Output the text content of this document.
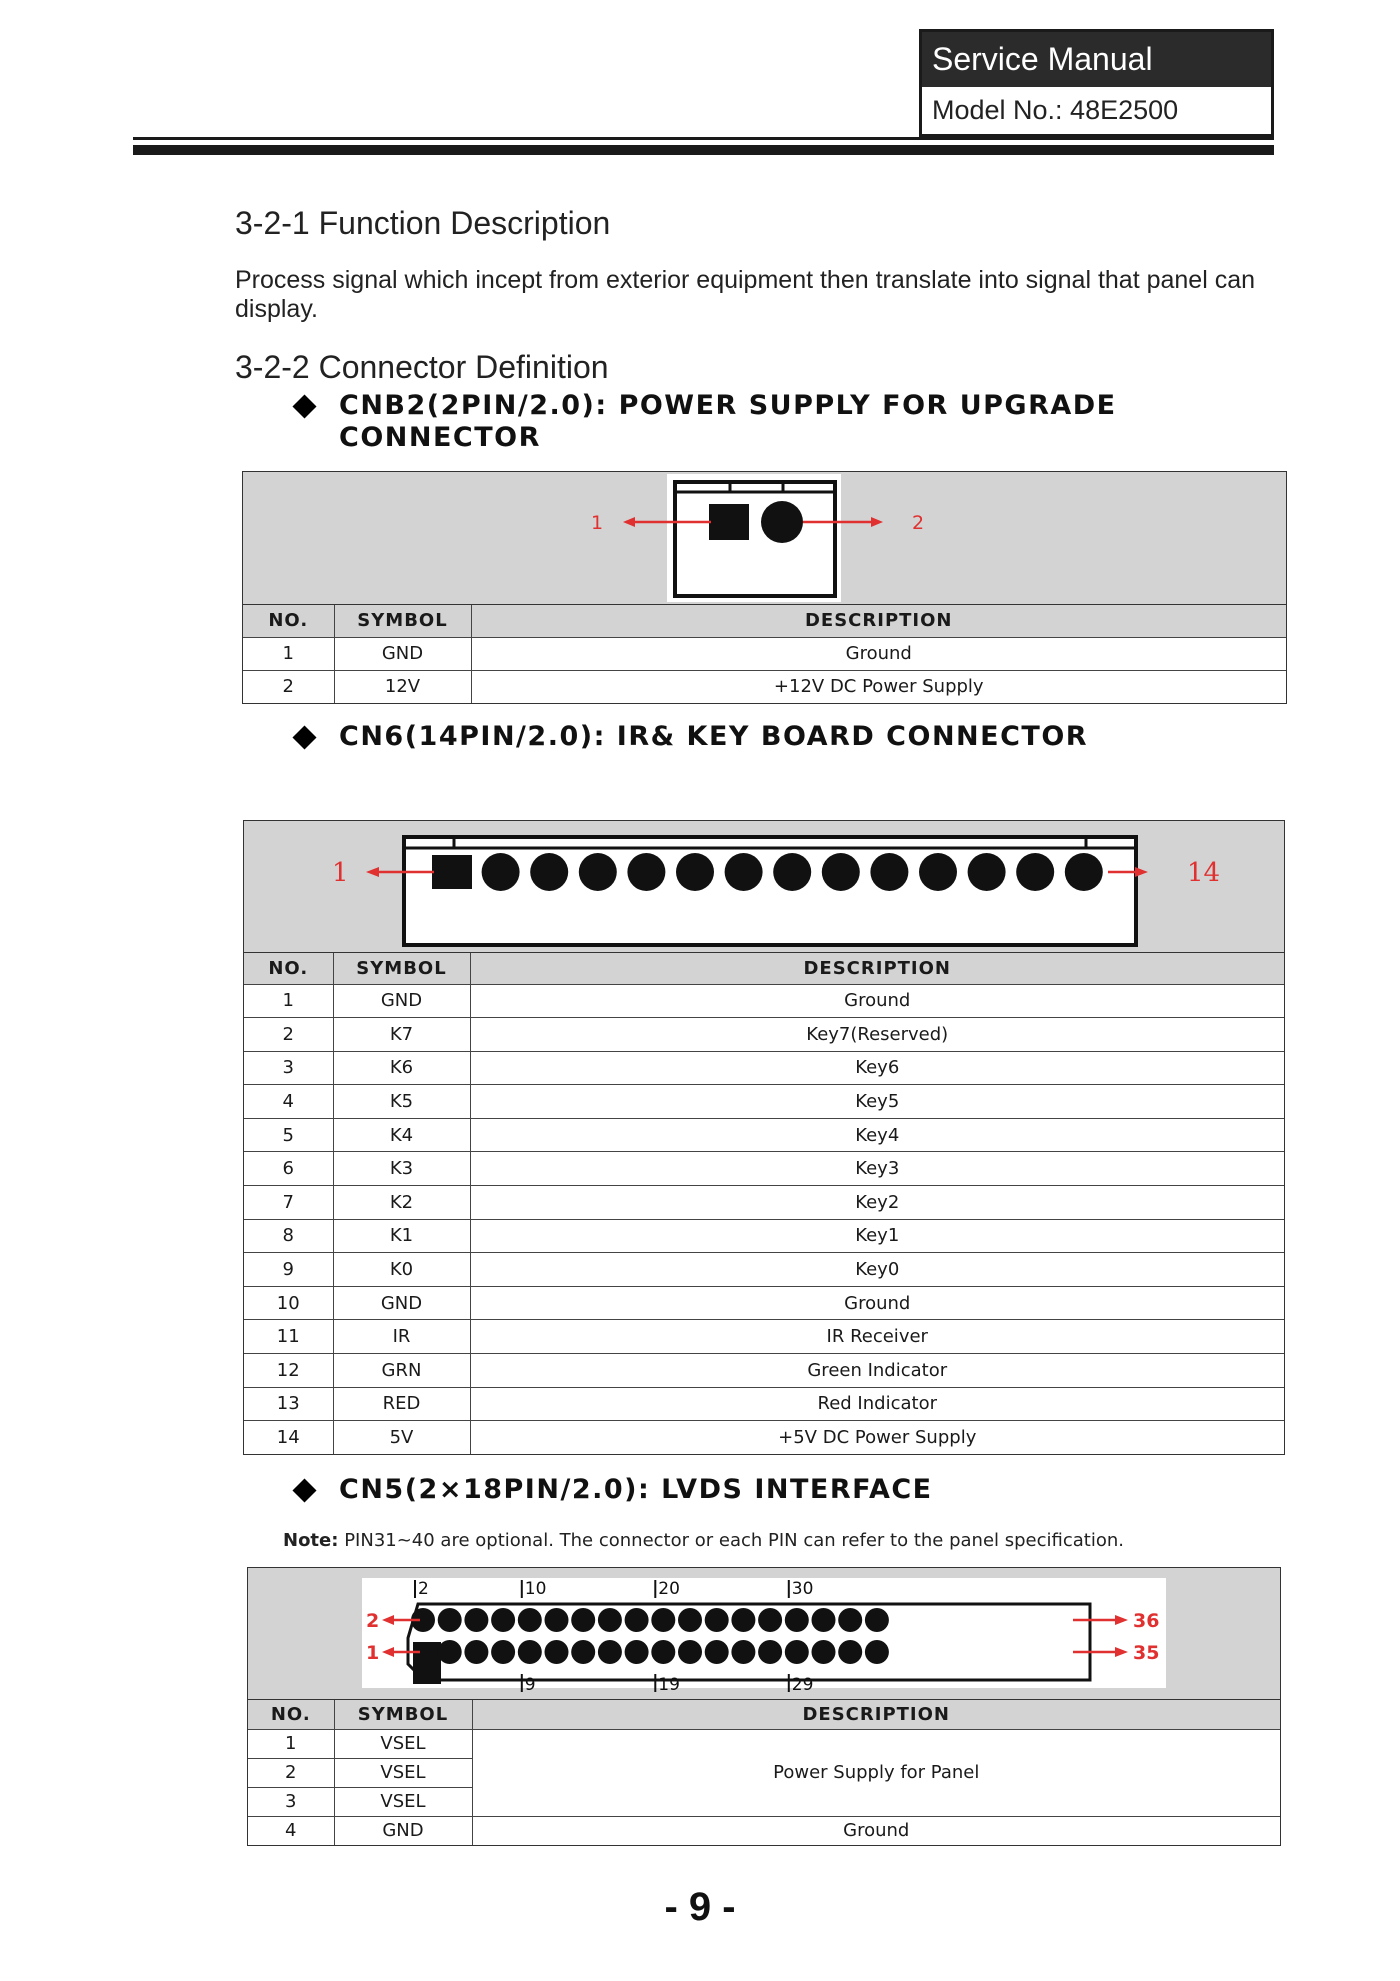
Service Manual
Model No.: 48E2500
3-2-1 Function Description
Process signal which incept from exterior equipment then translate into signal that panel can display.
3-2-2 Connector Definition
CNB2(2PIN/2.0): POWER SUPPLY FOR UPGRADE
CONNECTOR
1	2
NO.	SYMBOL	DESCRIPTION
1	GND	Ground
2	12V	+12V DC Power Supply
CN6(14PIN/2.0): IR& KEY BOARD CONNECTOR
1	14
NO.	SYMBOL	DESCRIPTION
1	GND	Ground
2	K7	Key7(Reserved)
3	K6	Key6
4	K5	Key5
5	K4	Key4
6	K3	Key3
7	K2	Key2
8	K1	Key1
9	K0	Key0
10	GND	Ground
11	IR	IR Receiver
12	GRN	Green Indicator
13	RED	Red Indicator
14	5V	+5V DC Power Supply
CN5(2×18PIN/2.0): LVDS INTERFACE
Note: PIN31~40 are optional. The connector or each PIN can refer to the panel specification.
2	10	20	30
9	19	29
2
1
36
35
NO.	SYMBOL	DESCRIPTION
1	VSEL	Power Supply for Panel
2	VSEL	
3	VSEL	
4	GND	Ground
- 9 -
